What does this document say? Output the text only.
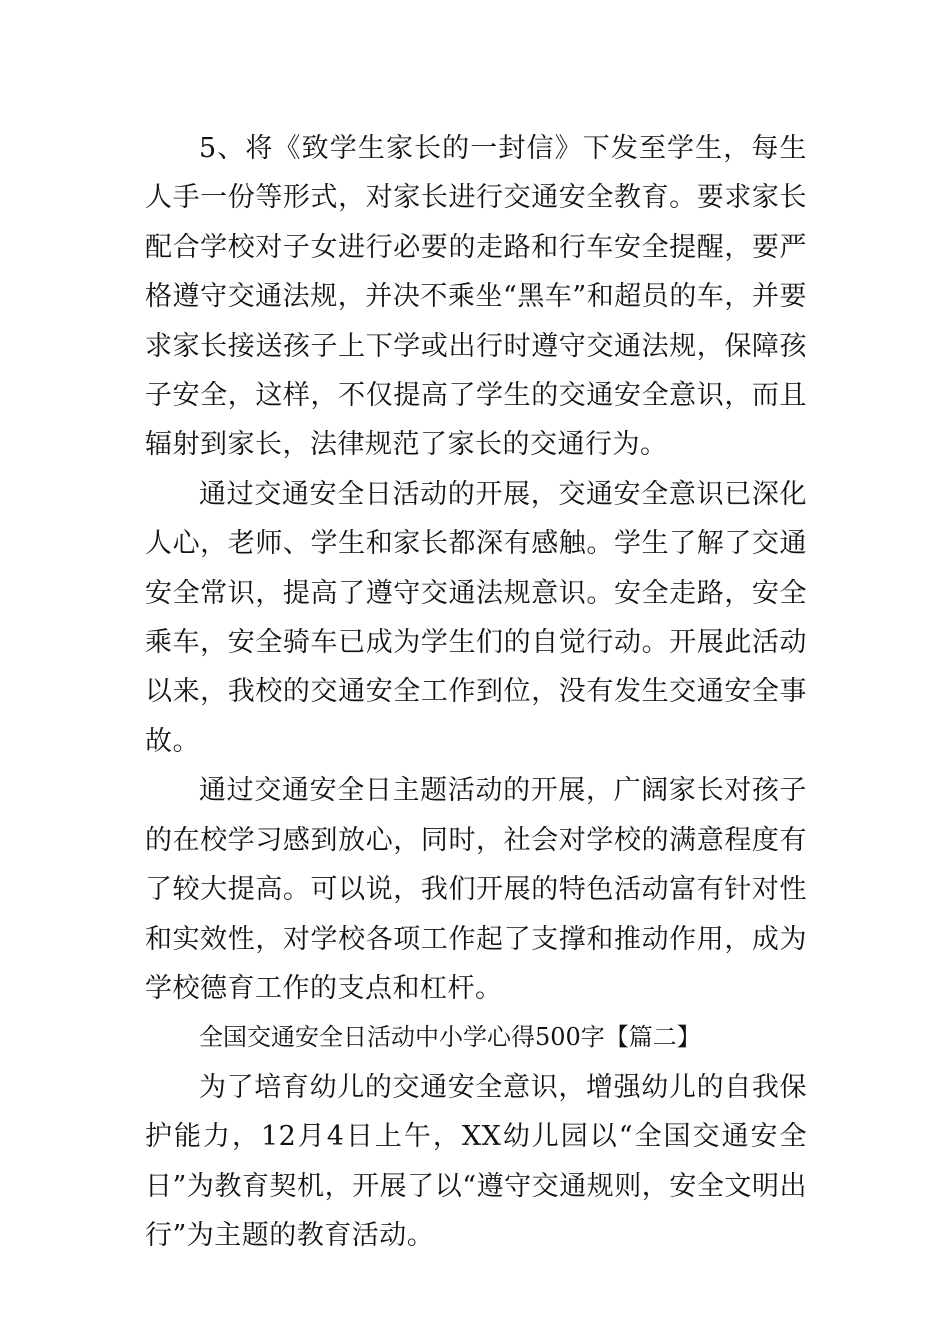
5、将《致学生家长的一封信》下发至学生，每生人手一份等形式，对家长进行交通安全教育。要求家长配合学校对子女进行必要的走路和行车安全提醒，要严格遵守交通法规，并决不乘坐“黑车”和超员的车，并要求家长接送孩子上下学或出行时遵守交通法规，保障孩子安全，这样，不仅提高了学生的交通安全意识，而且辐射到家长，法律规范了家长的交通行为。

通过交通安全日活动的开展，交通安全意识已深化人心，老师、学生和家长都深有感触。学生了解了交通安全常识，提高了遵守交通法规意识。安全走路，安全乘车，安全骑车已成为学生们的自觉行动。开展此活动以来，我校的交通安全工作到位，没有发生交通安全事故。

通过交通安全日主题活动的开展，广阔家长对孩子的在校学习感到放心，同时，社会对学校的满意程度有了较大提高。可以说，我们开展的特色活动富有针对性和实效性，对学校各项工作起了支撑和推动作用，成为学校德育工作的支点和杠杆。

全国交通安全日活动中小学心得500字【篇二】

为了培育幼儿的交通安全意识，增强幼儿的自我保护能力，12月4日上午，XX幼儿园以“全国交通安全日”为教育契机，开展了以“遵守交通规则，安全文明出行”为主题的教育活动。
